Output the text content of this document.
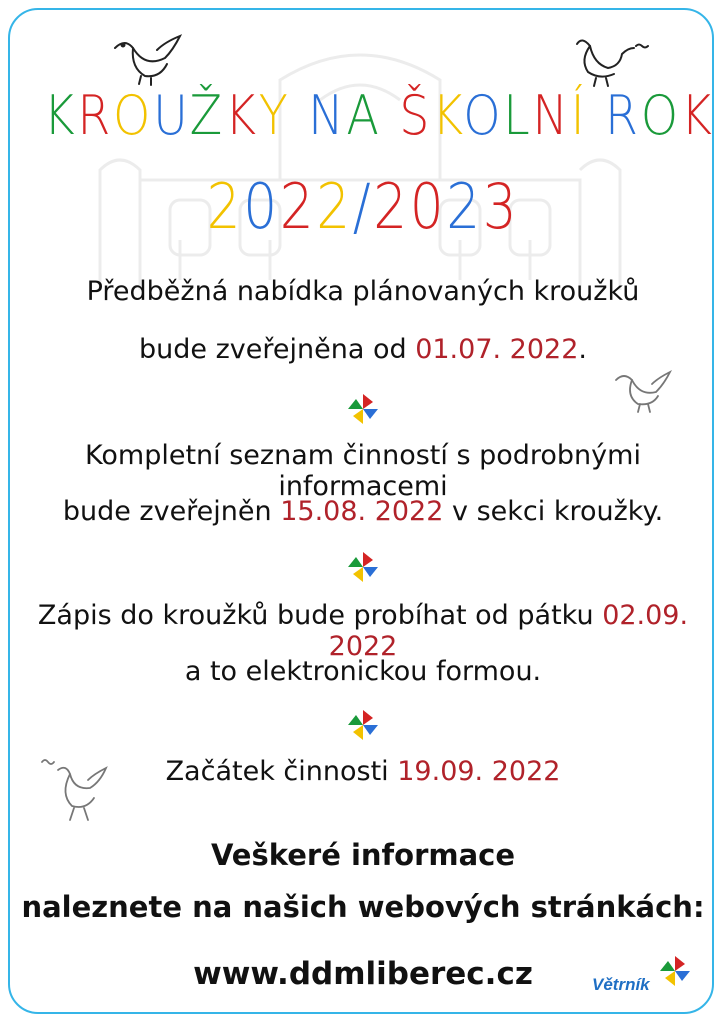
KROUŽKY NA ŠKOLNÍ ROK
2022/2023
Předběžná nabídka plánovaných kroužků
bude zveřejněna od 01.07. 2022.
Kompletní seznam činností s podrobnými informacemi
bude zveřejněn 15.08. 2022 v sekci kroužky.
Zápis do kroužků bude probíhat od pátku 02.09. 2022
a to elektronickou formou.
Začátek činnosti 19.09. 2022
Veškeré informace
naleznete na našich webových stránkách:
www.ddmliberec.cz	Větrník
